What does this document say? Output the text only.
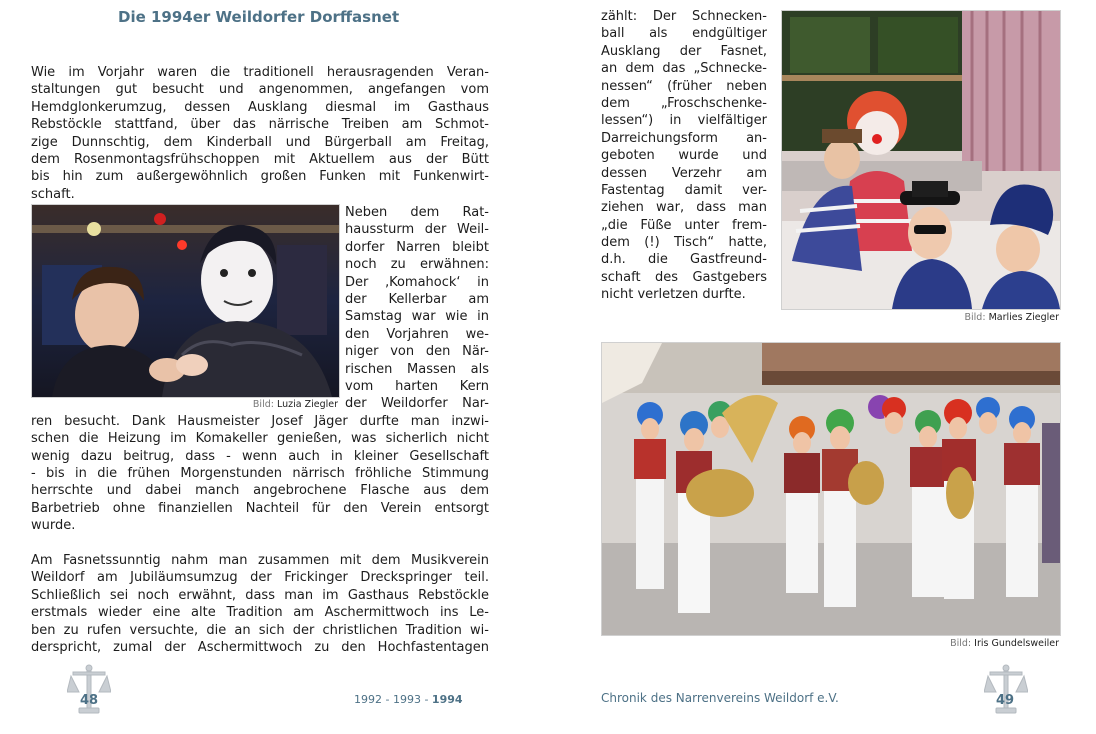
Die 1994er Weildorfer Dorffasnet
Wie im Vorjahr waren die traditionell herausragenden Veran-
staltungen gut besucht und angenommen, angefangen vom
Hemdglonkerumzug, dessen Ausklang diesmal im Gasthaus
Rebstöckle stattfand, über das närrische Treiben am Schmot-
zige Dunnschtig, dem Kinderball und Bürgerball am Freitag,
dem Rosenmontagsfrühschoppen mit Aktuellem aus der Bütt
bis hin zum außergewöhnlich großen Funken mit Funkenwirt-
schaft.
Bild: Luzia Ziegler
Neben dem Rat-
haussturm der Weil-
dorfer Narren bleibt
noch zu erwähnen:
Der ‚Komahock‘ in
der Kellerbar am
Samstag war wie in
den Vorjahren we-
niger von den När-
rischen Massen als
vom harten Kern
der Weildorfer Nar-
ren besucht. Dank Hausmeister Josef Jäger durfte man inzwi-
schen die Heizung im Komakeller genießen, was sicherlich nicht
wenig dazu beitrug, dass - wenn auch in kleiner Gesellschaft
- bis in die frühen Morgenstunden närrisch fröhliche Stimmung
herrschte und dabei manch angebrochene Flasche aus dem
Barbetrieb ohne finanziellen Nachteil für den Verein entsorgt
wurde.
Am Fasnetssunntig nahm man zusammen mit dem Musikverein
Weildorf am Jubiläumsumzug der Frickinger Dreckspringer teil.
Schließlich sei noch erwähnt, dass man im Gasthaus Rebstöckle
erstmals wieder eine alte Tradition am Aschermittwoch ins Le-
ben zu rufen versuchte, die an sich der christlichen Tradition wi-
derspricht, zumal der Aschermittwoch zu den Hochfastentagen
48	1992 - 1993 - 1994
zählt: Der Schnecken-
ball als endgültiger
Ausklang der Fasnet,
an dem das „Schnecke-
nessen“ (früher neben
dem „Froschschenke-
lessen“) in vielfältiger
Darreichungsform an-
geboten wurde und
dessen Verzehr am
Fastentag damit ver-
ziehen war, dass man
„die Füße unter frem-
dem (!) Tisch“ hatte,
d.h. die Gastfreund-
schaft des Gastgebers
nicht verletzen durfte.
Bild: Marlies Ziegler
Bild: Iris Gundelsweiler
Chronik des Narrenvereins Weildorf e.V.	49
